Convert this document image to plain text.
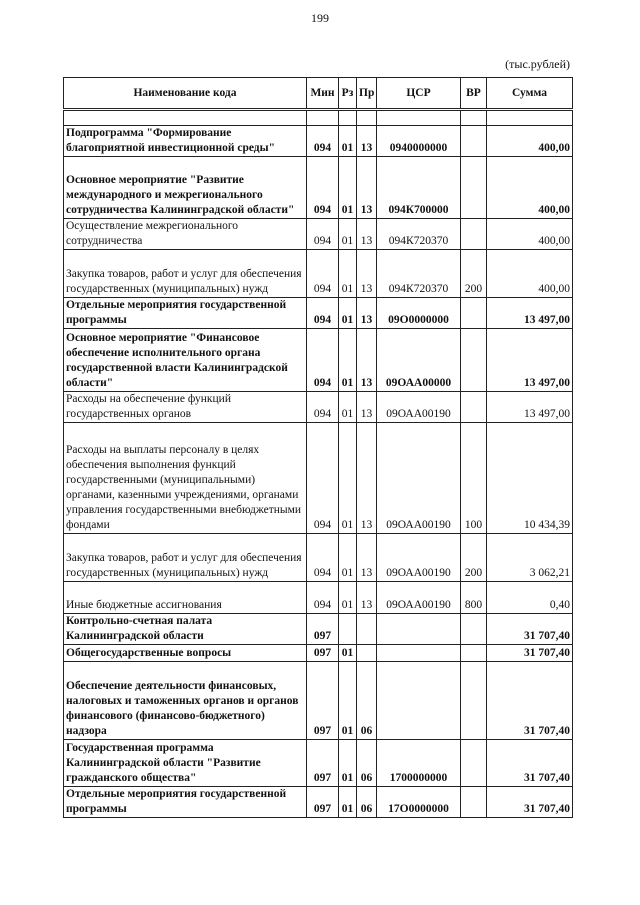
199
(тыс.рублей)
Наименование кода	Мин	Рз	Пр	ЦСР	ВР	Сумма

Подпрограмма "Формирование благоприятной инвестиционной среды"	094	01	13	0940000000		400,00
Основное мероприятие "Развитие международного и межрегионального сотрудничества Калининградской области"	094	01	13	094К700000		400,00
Осуществление межрегионального сотрудничества	094	01	13	094К720370		400,00
Закупка товаров, работ и услуг для обеспечения государственных (муниципальных) нужд	094	01	13	094К720370	200	400,00
Отдельные мероприятия государственной программы	094	01	13	09О0000000		13 497,00
Основное мероприятие "Финансовое обеспечение исполнительного органа государственной власти Калининградской области"	094	01	13	09ОАА00000		13 497,00
Расходы на обеспечение функций государственных органов	094	01	13	09ОАА00190		13 497,00
Расходы на выплаты персоналу в целях обеспечения выполнения функций государственными (муниципальными) органами, казенными учреждениями, органами управления государственными внебюджетными фондами	094	01	13	09ОАА00190	100	10 434,39
Закупка товаров, работ и услуг для обеспечения государственных (муниципальных) нужд	094	01	13	09ОАА00190	200	3 062,21
Иные бюджетные ассигнования	094	01	13	09ОАА00190	800	0,40
Контрольно-счетная палата Калининградской области	097					31 707,40
Общегосударственные вопросы	097	01				31 707,40
Обеспечение деятельности финансовых, налоговых и таможенных органов и органов финансового (финансово-бюджетного) надзора	097	01	06			31 707,40
Государственная программа Калининградской области "Развитие гражданского общества"	097	01	06	1700000000		31 707,40
Отдельные мероприятия государственной программы	097	01	06	17О0000000		31 707,40
